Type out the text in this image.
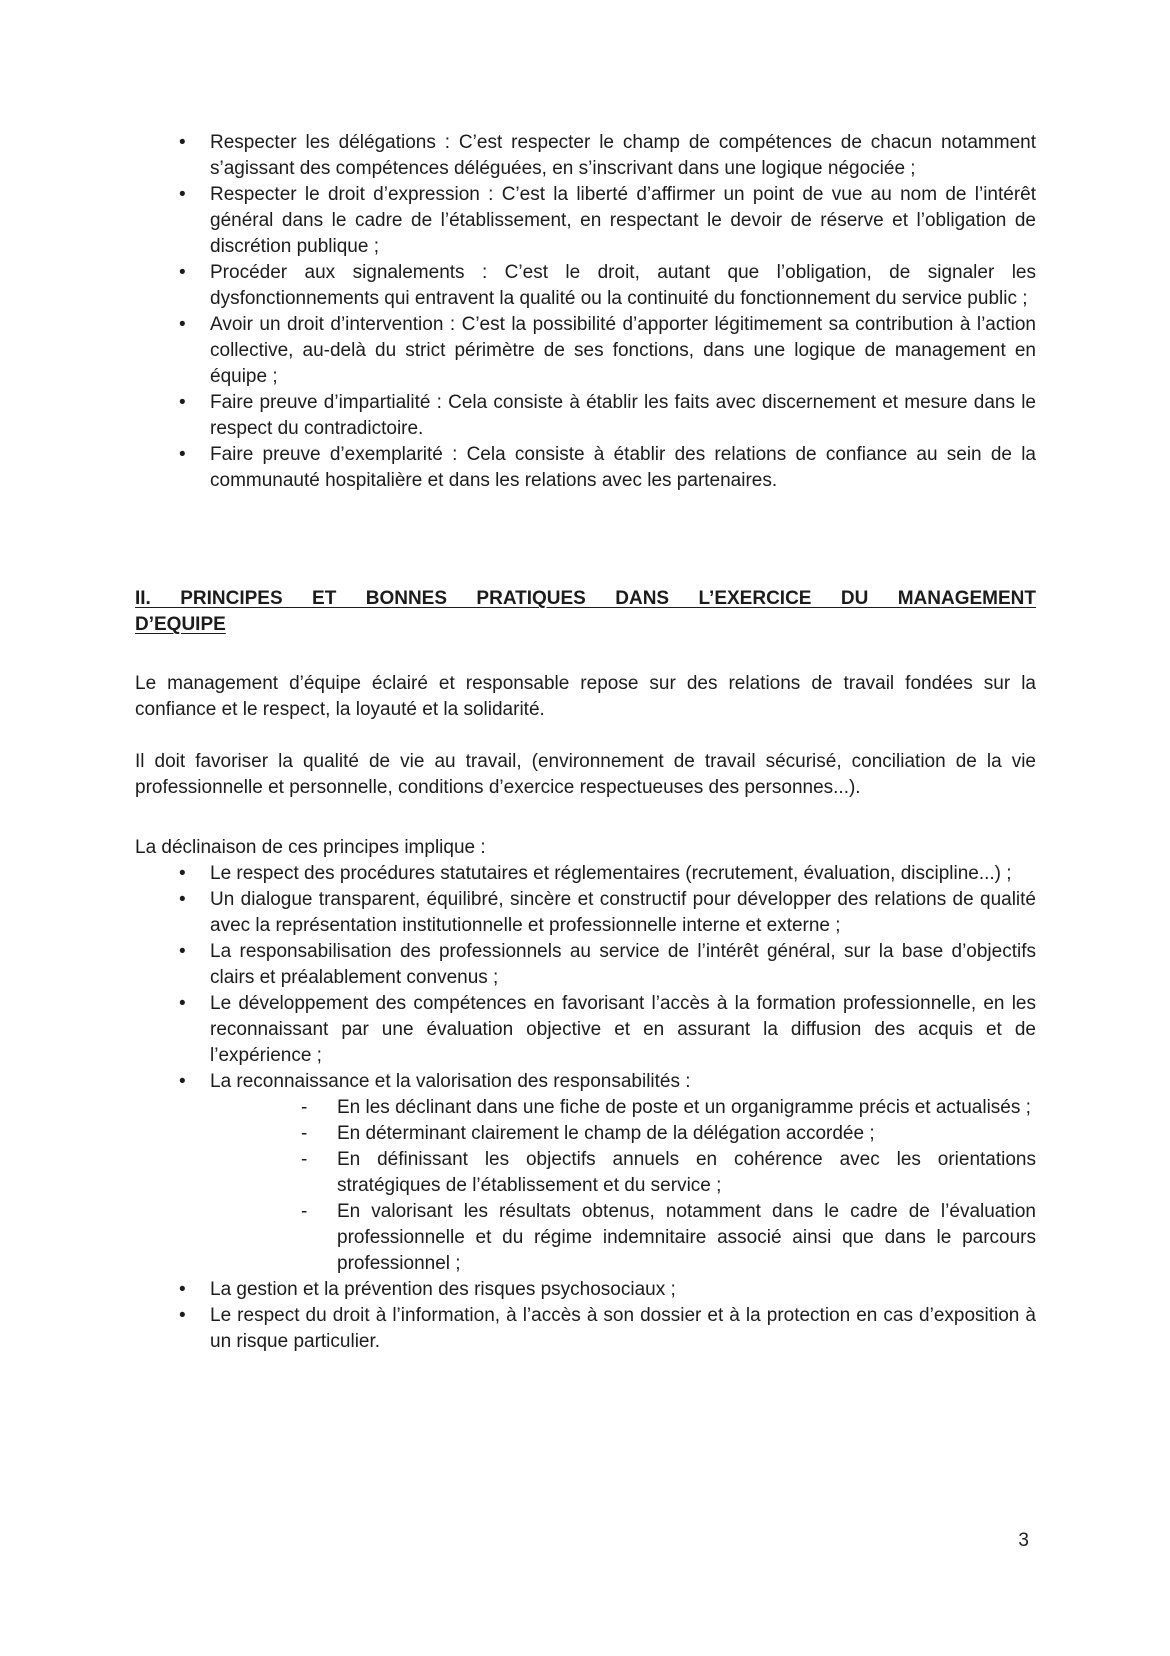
• Respecter les délégations : C’est respecter le champ de compétences de chacun notamment s’agissant des compétences déléguées, en s’inscrivant dans une logique négociée ;
• Respecter le droit d’expression : C’est la liberté d’affirmer un point de vue au nom de l’intérêt général dans le cadre de l’établissement, en respectant le devoir de réserve et l’obligation de discrétion publique ;
• Procéder aux signalements : C’est le droit, autant que l’obligation, de signaler les dysfonctionnements qui entravent la qualité ou la continuité du fonctionnement du service public ;
• Avoir un droit d’intervention : C’est la possibilité d’apporter légitimement sa contribution à l’action collective, au-delà du strict périmètre de ses fonctions, dans une logique de management en équipe ;
• Faire preuve d’impartialité : Cela consiste à établir les faits avec discernement et mesure dans le respect du contradictoire.
• Faire preuve d’exemplarité : Cela consiste à établir des relations de confiance au sein de la communauté hospitalière et dans les relations avec les partenaires.
II. PRINCIPES ET BONNES PRATIQUES DANS L’EXERCICE DU MANAGEMENT
D’EQUIPE

Le management d’équipe éclairé et responsable repose sur des relations de travail fondées sur la confiance et le respect, la loyauté et la solidarité.

Il doit favoriser la qualité de vie au travail, (environnement de travail sécurisé, conciliation de la vie professionnelle et personnelle, conditions d’exercice respectueuses des personnes...).

La déclinaison de ces principes implique :

• Le respect des procédures statutaires et réglementaires (recrutement, évaluation, discipline...) ;
• Un dialogue transparent, équilibré, sincère et constructif pour développer des relations de qualité avec la représentation institutionnelle et professionnelle interne et externe ;
• La responsabilisation des professionnels au service de l’intérêt général, sur la base d’objectifs clairs et préalablement convenus ;
• Le développement des compétences en favorisant l’accès à la formation professionnelle, en les reconnaissant par une évaluation objective et en assurant la diffusion des acquis et de l’expérience ;
• La reconnaissance et la valorisation des responsabilités :
- En les déclinant dans une fiche de poste et un organigramme précis et actualisés ;
- En déterminant clairement le champ de la délégation accordée ;
- En définissant les objectifs annuels en cohérence avec les orientations stratégiques de l’établissement et du service ;
- En valorisant les résultats obtenus, notamment dans le cadre de l’évaluation professionnelle et du régime indemnitaire associé ainsi que dans le parcours professionnel ;
• La gestion et la prévention des risques psychosociaux ;
• Le respect du droit à l’information, à l’accès à son dossier et à la protection en cas d’exposition à un risque particulier.
3
